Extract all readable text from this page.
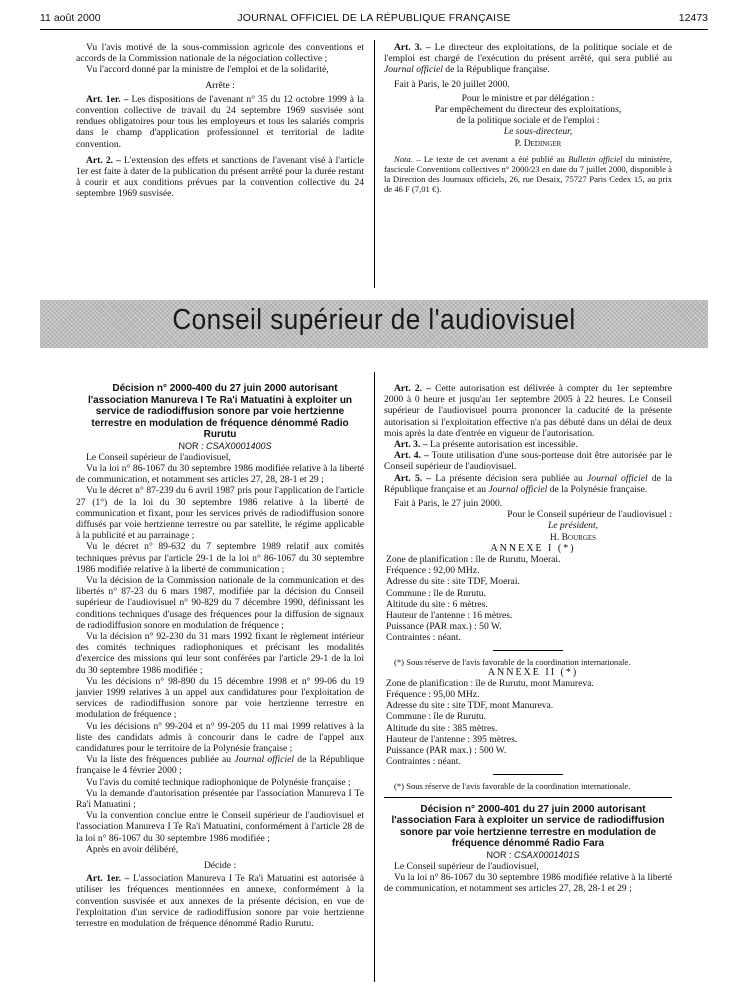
11 août 2000	JOURNAL OFFICIEL DE LA RÉPUBLIQUE FRANÇAISE	12473

Vu l'avis motivé de la sous-commission agricole des conventions et accords de la Commission nationale de la négociation collective ;

Vu l'accord donné par la ministre de l'emploi et de la solidarité,

Arrête :

Art. 1er. – Les dispositions de l'avenant n° 35 du 12 octobre 1999 à la convention collective de travail du 24 septembre 1969 susvisée sont rendues obligatoires pour tous les employeurs et tous les salariés compris dans le champ d'application professionnel et territorial de ladite convention.

Art. 2. – L'extension des effets et sanctions de l'avenant visé à l'article 1er est faite à dater de la publication du présent arrêté pour la durée restant à courir et aux conditions prévues par la convention collective du 24 septembre 1969 susvisée.

Art. 3. – Le directeur des exploitations, de la politique sociale et de l'emploi est chargé de l'exécution du présent arrêté, qui sera publié au Journal officiel de la République française.

Fait à Paris, le 20 juillet 2000.

Pour le ministre et par délégation :

Par empêchement du directeur des exploitations,

de la politique sociale et de l'emploi :

Le sous-directeur,

P. Dedinger

Nota. – Le texte de cet avenant a été publié au Bulletin officiel du ministère, fascicule Conventions collectives n° 2000/23 en date du 7 juillet 2000, disponible à la Direction des Journaux officiels, 26, rue Desaix, 75727 Paris Cedex 15, au prix de 46 F (7,01 €).

Conseil supérieur de l'audiovisuel

Décision n° 2000-400 du 27 juin 2000 autorisant l'association Manureva I Te Ra'i Matuatini à exploiter un service de radiodiffusion sonore par voie hertzienne terrestre en modulation de fréquence dénommé Radio Rurutu

NOR : CSAX0001400S

Le Conseil supérieur de l'audiovisuel,

Vu la loi n° 86-1067 du 30 septembre 1986 modifiée relative à la liberté de communication, et notamment ses articles 27, 28, 28-1 et 29 ;

Vu le décret n° 87-239 du 6 avril 1987 pris pour l'application de l'article 27 (1°) de la loi du 30 septembre 1986 relative à la liberté de communication et fixant, pour les services privés de radiodiffusion sonore diffusés par voie hertzienne terrestre ou par satellite, le régime applicable à la publicité et au parrainage ;

Vu le décret n° 89-632 du 7 septembre 1989 relatif aux comités techniques prévus par l'article 29-1 de la loi n° 86-1067 du 30 septembre 1986 modifiée relative à la liberté de communication ;

Vu la décision de la Commission nationale de la communication et des libertés n° 87-23 du 6 mars 1987, modifiée par la décision du Conseil supérieur de l'audiovisuel n° 90-829 du 7 décembre 1990, définissant les conditions techniques d'usage des fréquences pour la diffusion de signaux de radiodiffusion sonore en modulation de fréquence ;

Vu la décision n° 92-230 du 31 mars 1992 fixant le règlement intérieur des comités techniques radiophoniques et précisant les modalités d'exercice des missions qui leur sont conférées par l'article 29-1 de la loi du 30 septembre 1986 modifiée ;

Vu les décisions n° 98-890 du 15 décembre 1998 et n° 99-06 du 19 janvier 1999 relatives à un appel aux candidatures pour l'exploitation de services de radiodiffusion sonore par voie hertzienne terrestre en modulation de fréquence ;

Vu les décisions n° 99-204 et n° 99-205 du 11 mai 1999 relatives à la liste des candidats admis à concourir dans le cadre de l'appel aux candidatures pour le territoire de la Polynésie française ;

Vu la liste des fréquences publiée au Journal officiel de la République française le 4 février 2000 ;

Vu l'avis du comité technique radiophonique de Polynésie française ;

Vu la demande d'autorisation présentée par l'association Manureva I Te Ra'i Matuatini ;

Vu la convention conclue entre le Conseil supérieur de l'audiovisuel et l'association Manureva I Te Ra'i Matuatini, conformément à l'article 28 de la loi n° 86-1067 du 30 septembre 1986 modifiée ;

Après en avoir délibéré,

Décide :

Art. 1er. – L'association Manureva I Te Ra'i Matuatini est autorisée à utiliser les fréquences mentionnées en annexe, conformément à la convention susvisée et aux annexes de la présente décision, en vue de l'exploitation d'un service de radiodiffusion sonore par voie hertzienne terrestre en modulation de fréquence dénommé Radio Rurutu.

Art. 2. – Cette autorisation est délivrée à compter du 1er septembre 2000 à 0 heure et jusqu'au 1er septembre 2005 à 22 heures. Le Conseil supérieur de l'audiovisuel pourra prononcer la caducité de la présente autorisation si l'exploitation effective n'a pas débuté dans un délai de deux mois après la date d'entrée en vigueur de l'autorisation.

Art. 3. – La présente autorisation est incessible.

Art. 4. – Toute utilisation d'une sous-porteuse doit être autorisée par le Conseil supérieur de l'audiovisuel.

Art. 5. – La présente décision sera publiée au Journal officiel de la République française et au Journal officiel de la Polynésie française.

Fait à Paris, le 27 juin 2000.

Pour le Conseil supérieur de l'audiovisuel :

Le président,

H. Bourges

ANNEXE I (*)

Zone de planification : île de Rurutu, Moerai.

Fréquence : 92,00 MHz.

Adresse du site : site TDF, Moerai.

Commune : île de Rurutu.

Altitude du site : 6 mètres.

Hauteur de l'antenne : 16 mètres.

Puissance (PAR max.) : 50 W.

Contraintes : néant.

(*) Sous réserve de l'avis favorable de la coordination internationale.

ANNEXE II (*)

Zone de planification : île de Rurutu, mont Manureva.

Fréquence : 95,00 MHz.

Adresse du site : site TDF, mont Manureva.

Commune : île de Rurutu.

Altitude du site : 385 mètres.

Hauteur de l'antenne : 395 mètres.

Puissance (PAR max.) : 500 W.

Contraintes : néant.

(*) Sous réserve de l'avis favorable de la coordination internationale.

Décision n° 2000-401 du 27 juin 2000 autorisant l'association Fara à exploiter un service de radiodiffusion sonore par voie hertzienne terrestre en modulation de fréquence dénommé Radio Fara

NOR : CSAX0001401S

Le Conseil supérieur de l'audiovisuel,

Vu la loi n° 86-1067 du 30 septembre 1986 modifiée relative à la liberté de communication, et notamment ses articles 27, 28, 28-1 et 29 ;
